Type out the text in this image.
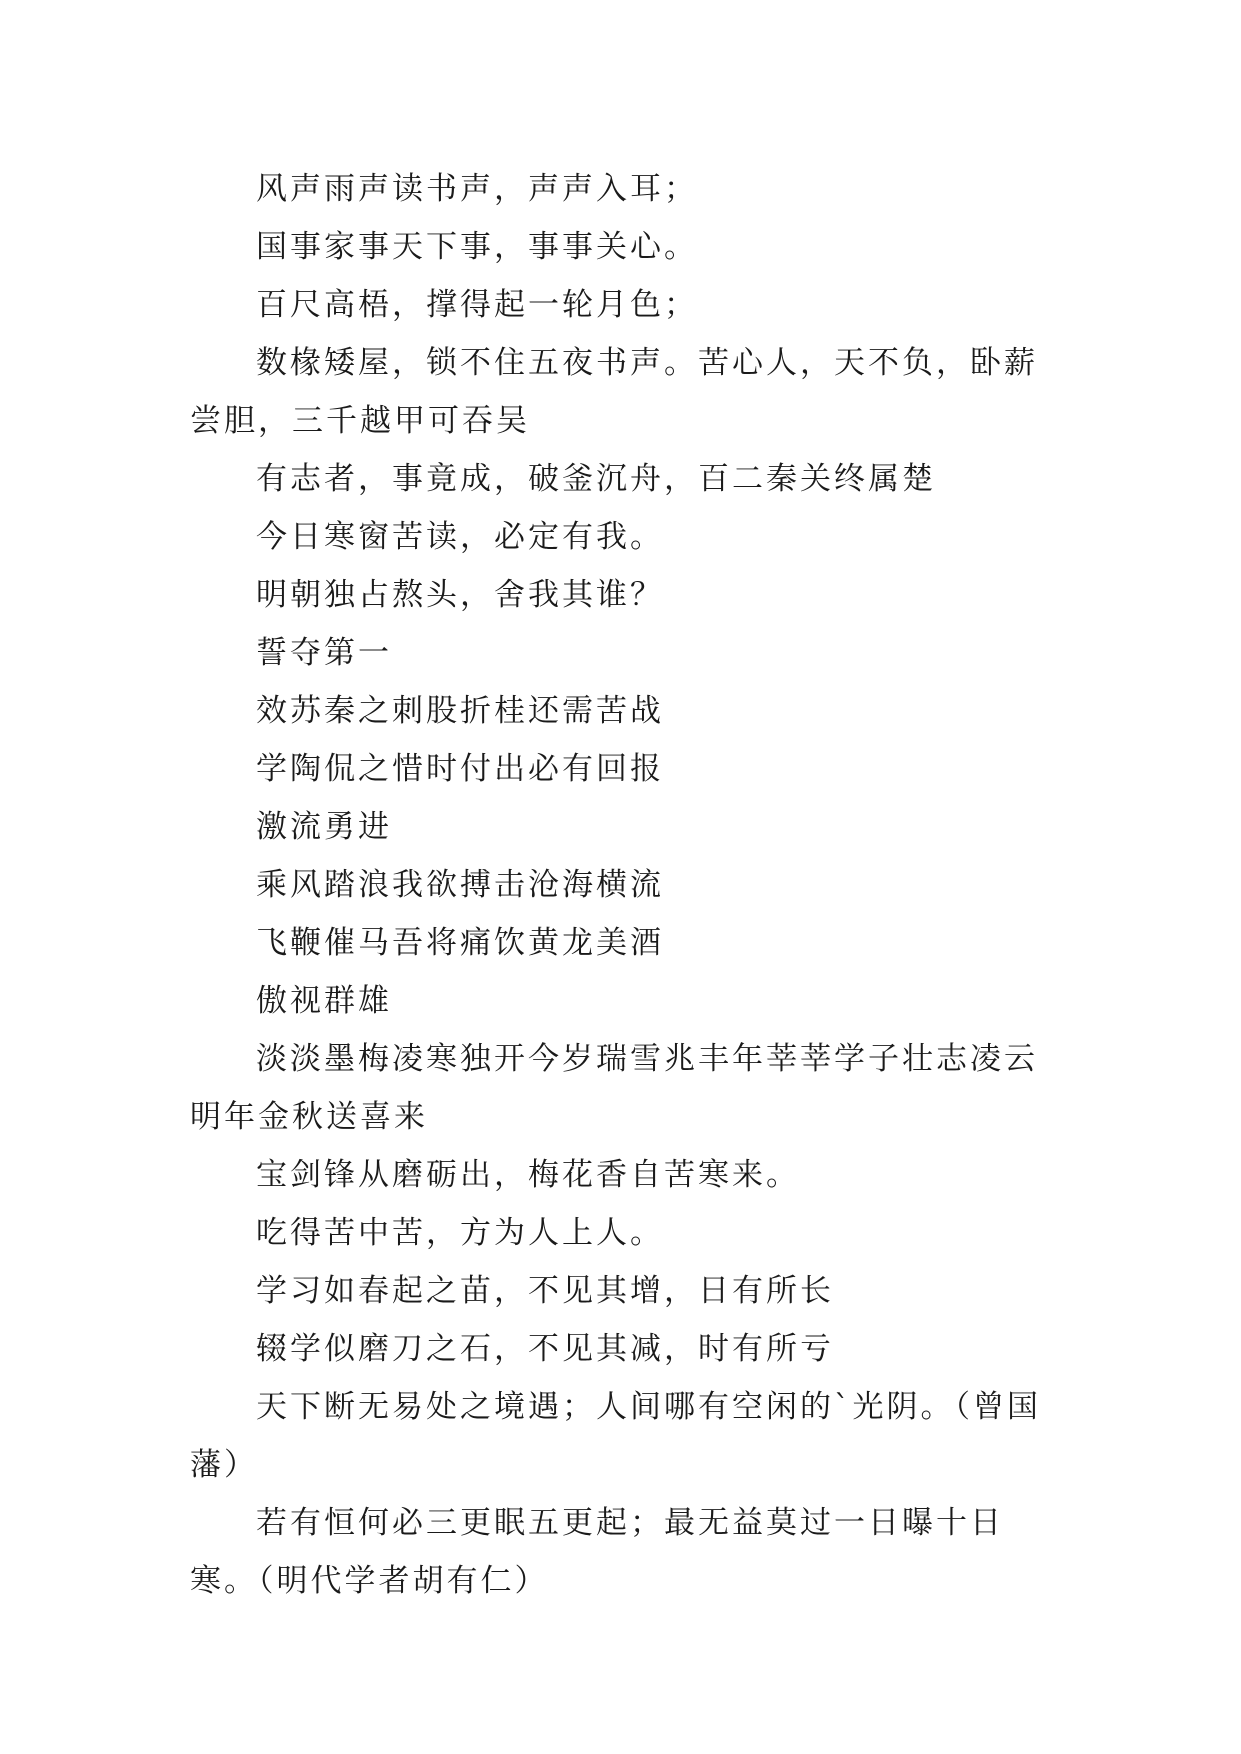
风声雨声读书声，声声入耳；

国事家事天下事，事事关心。

百尺高梧，撑得起一轮月色；

数椽矮屋，锁不住五夜书声。苦心人，天不负，卧薪尝胆，三千越甲可吞吴

有志者，事竟成，破釜沉舟，百二秦关终属楚

今日寒窗苦读，必定有我。

明朝独占熬头，舍我其谁？

誓夺第一

效苏秦之刺股折桂还需苦战

学陶侃之惜时付出必有回报

激流勇进

乘风踏浪我欲搏击沧海横流

飞鞭催马吾将痛饮黄龙美酒

傲视群雄

淡淡墨梅凌寒独开今岁瑞雪兆丰年莘莘学子壮志凌云明年金秋送喜来

宝剑锋从磨砺出，梅花香自苦寒来。

吃得苦中苦，方为人上人。

学习如春起之苗，不见其增，日有所长

辍学似磨刀之石，不见其减，时有所亏

天下断无易处之境遇；人间哪有空闲的`光阴。（曾国藩）

若有恒何必三更眠五更起；最无益莫过一日曝十日寒。（明代学者胡有仁）
